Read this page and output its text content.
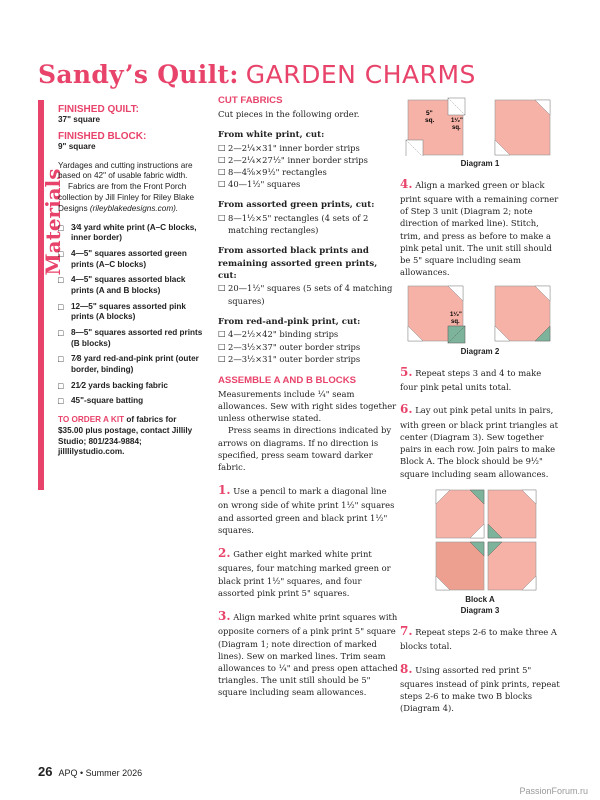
Sandy’s Quilt: GARDEN CHARMS
Materials
FINISHED QUILT:
37" square
FINISHED BLOCK:
9" square

Yardages and cutting instructions are based on 42" of usable fabric width.

Fabrics are from the Front Porch collection by Jill Finley for Riley Blake Designs (rileyblakedesigns.com).

□ 3⁄4 yard white print (A–C blocks, inner border)
□ 4—5" squares assorted green prints (A–C blocks)
□ 4—5" squares assorted black prints (A and B blocks)
□ 12—5" squares assorted pink prints (A blocks)
□ 8—5" squares assorted red prints (B blocks)
□ 7⁄8 yard red-and-pink print (outer border, binding)
□ 21⁄2 yards backing fabric
□ 45"-square batting

TO ORDER A KIT of fabrics for $35.00 plus postage, contact Jillily Studio; 801/234-9884; jilllilystudio.com.

CUT FABRICS

Cut pieces in the following order.

From white print, cut:

□ 2—2¹⁄₄×31" inner border strips
□ 2—2¹⁄₄×27¹⁄₂" inner border strips
□ 8—4⁵⁄₈×9¹⁄₂" rectangles
□ 40—1¹⁄₂" squares

From assorted green prints, cut:

□ 8—1¹⁄₂×5" rectangles (4 sets of 2 matching rectangles)

From assorted black prints and remaining assorted green prints, cut:

□ 20—1¹⁄₂" squares (5 sets of 4 matching squares)

From red-and-pink print, cut:

□ 4—2¹⁄₂×42" binding strips
□ 2—3¹⁄₂×37" outer border strips
□ 2—3¹⁄₂×31" outer border strips
ASSEMBLE A AND B BLOCKS

Measurements include ¹⁄₄" seam allowances. Sew with right sides together unless otherwise stated.

Press seams in directions indicated by arrows on diagrams. If no direction is specified, press seam toward darker fabric.

1. Use a pencil to mark a diagonal line on wrong side of white print 1¹⁄₂" squares and assorted green and black print 1¹⁄₂" squares.

2. Gather eight marked white print squares, four matching marked green or black print 1¹⁄₂" squares, and four assorted pink print 5" squares.

3. Align marked white print squares with opposite corners of a pink print 5" square (Diagram 1; note direction of marked lines). Sew on marked lines. Trim seam allowances to ¹⁄₄" and press open attached triangles. The unit still should be 5" square including seam allowances.

5"
sq.	1¹⁄₂"
sq.
Diagram 1

4. Align a marked green or black print square with a remaining corner of Step 3 unit (Diagram 2; note direction of marked line). Stitch, trim, and press as before to make a pink petal unit. The unit still should be 5" square including seam allowances.

1¹⁄₂"
sq.
Diagram 2

5. Repeat steps 3 and 4 to make four pink petal units total.

6. Lay out pink petal units in pairs, with green or black print triangles at center (Diagram 3). Sew together pairs in each row. Join pairs to make Block A. The block should be 9¹⁄₂" square including seam allowances.

Block A
Diagram 3

7. Repeat steps 2-6 to make three A blocks total.

8. Using assorted red print 5" squares instead of pink prints, repeat steps 2-6 to make two B blocks (Diagram 4).

26 APQ • Summer 2026
PassionForum.ru
